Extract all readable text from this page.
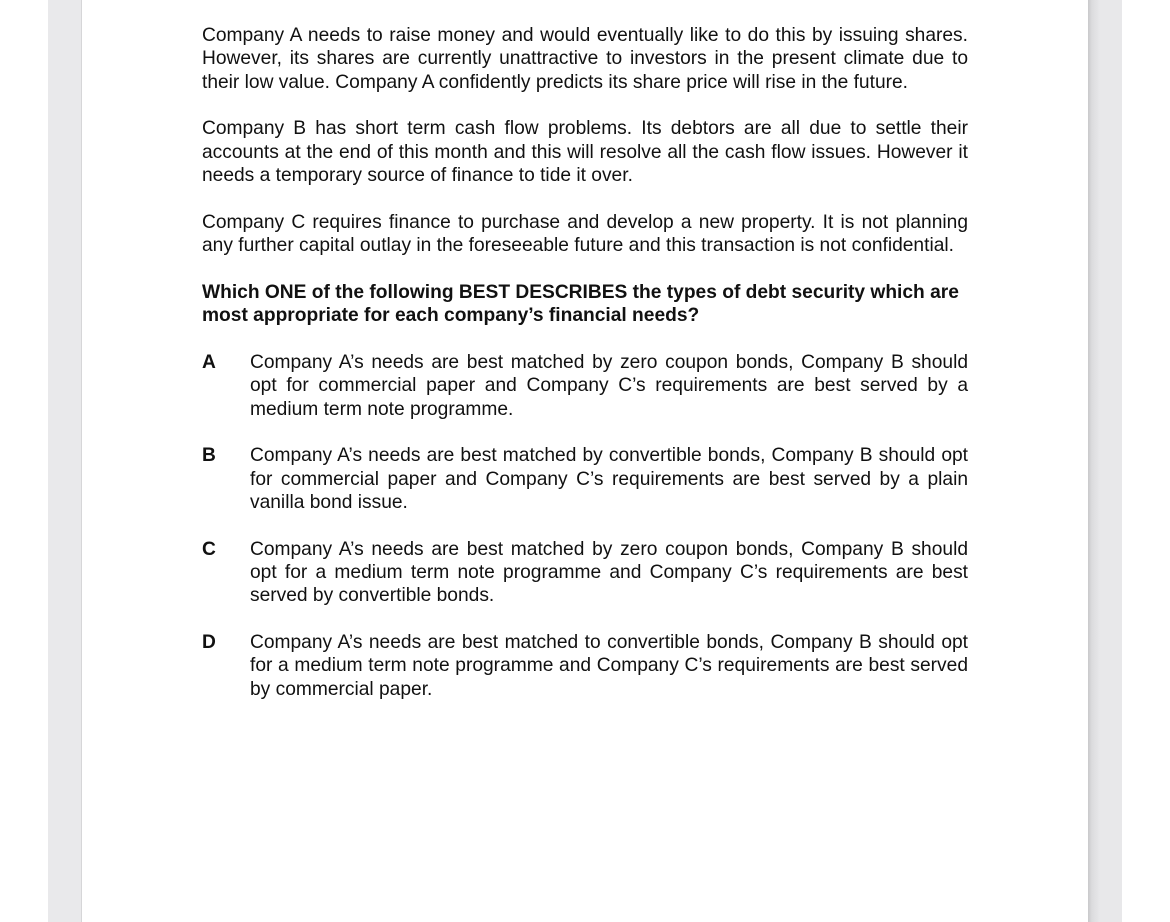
Company A needs to raise money and would eventually like to do this by issuing shares. However, its shares are currently unattractive to investors in the present climate due to their low value. Company A confidently predicts its share price will rise in the future.

Company B has short term cash flow problems. Its debtors are all due to settle their accounts at the end of this month and this will resolve all the cash flow issues. However it needs a temporary source of finance to tide it over.

Company C requires finance to purchase and develop a new property. It is not planning any further capital outlay in the foreseeable future and this transaction is not confidential.

Which ONE of the following BEST DESCRIBES the types of debt security which are most appropriate for each company’s financial needs?

A	Company A’s needs are best matched by zero coupon bonds, Company B should opt for commercial paper and Company C’s requirements are best served by a medium term note programme.
B	Company A’s needs are best matched by convertible bonds, Company B should opt for commercial paper and Company C’s requirements are best served by a plain vanilla bond issue.
C	Company A’s needs are best matched by zero coupon bonds, Company B should opt for a medium term note programme and Company C’s requirements are best served by convertible bonds.
D	Company A’s needs are best matched to convertible bonds, Company B should opt for a medium term note programme and Company C’s requirements are best served by commercial paper.
